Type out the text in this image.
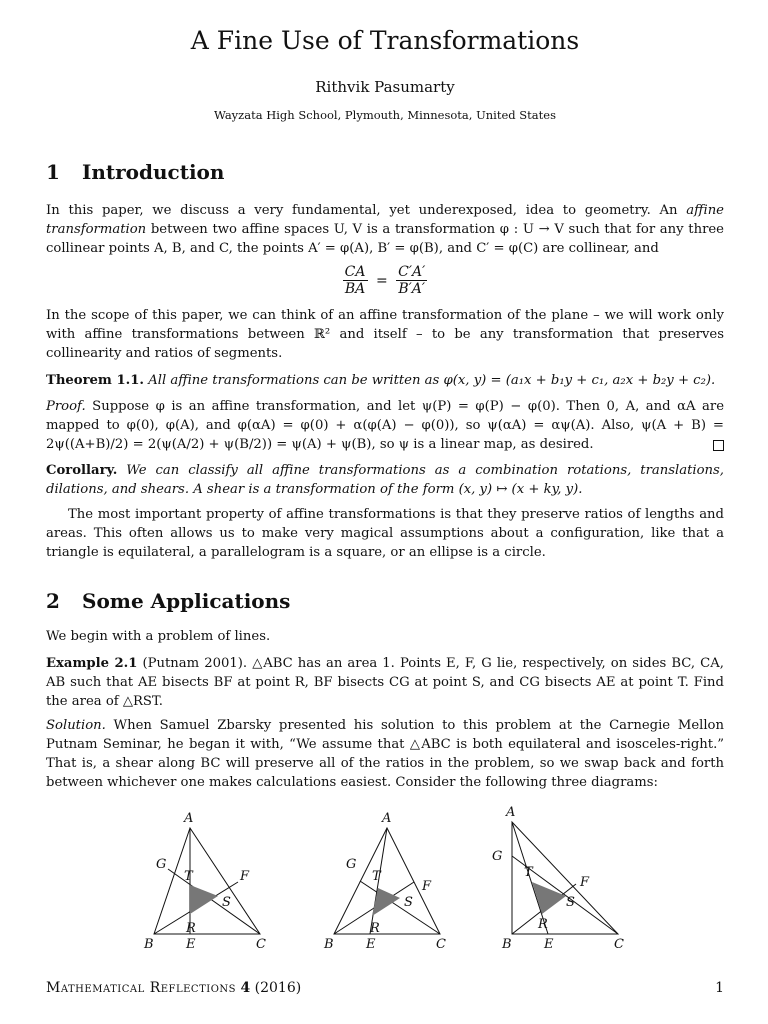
A Fine Use of Transformations
Rithvik Pasumarty
Wayzata High School, Plymouth, Minnesota, United States
1 Introduction

In this paper, we discuss a very fundamental, yet underexposed, idea to geometry. An affine transformation between two affine spaces U, V is a transformation φ : U → V such that for any three collinear points A, B, and C, the points A′ = φ(A), B′ = φ(B), and C′ = φ(C) are collinear, and

$\frac{CA}{BA} = \frac{C'A'}{B'A'}$

In the scope of this paper, we can think of an affine transformation of the plane – we will work only with affine transformations between ℝ² and itself – to be any transformation that preserves collinearity and ratios of segments.

Theorem 1.1. All affine transformations can be written as φ(x, y) = (a₁x + b₁y + c₁, a₂x + b₂y + c₂).

Proof. Suppose φ is an affine transformation, and let ψ(P) = φ(P) − φ(0). Then 0, A, and αA are mapped to φ(0), φ(A), and φ(αA) = φ(0) + α(φ(A) − φ(0)), so ψ(αA) = αψ(A). Also, ψ(A + B) = 2ψ((A+B)/2) = 2(ψ(A/2) + ψ(B/2)) = ψ(A) + ψ(B), so ψ is a linear map, as desired.

Corollary. We can classify all affine transformations as a combination rotations, translations, dilations, and shears. A shear is a transformation of the form (x, y) ↦ (x + ky, y).

The most important property of affine transformations is that they preserve ratios of lengths and areas. This often allows us to make very magical assumptions about a configuration, like that a triangle is equilateral, a parallelogram is a square, or an ellipse is a circle.

2 Some Applications

We begin with a problem of lines.

Example 2.1 (Putnam 2001). △ABC has an area 1. Points E, F, G lie, respectively, on sides BC, CA, AB such that AE bisects BF at point R, BF bisects CG at point S, and CG bisects AE at point T. Find the area of △RST.

Solution. When Samuel Zbarsky presented his solution to this problem at the Carnegie Mellon Putnam Seminar, he began it with, “We assume that △ABC is both equilateral and isosceles-right.” That is, a shear along BC will preserve all of the ratios in the problem, so we swap back and forth between whichever one makes calculations easiest. Consider the following three diagrams:

A
B	C
E
F
G
R
S
T
A
B	C
E
F
G
R
S
T
A
B	C
E
F
G
R
S
T
Mathematical Reflections 4 (2016)	1
